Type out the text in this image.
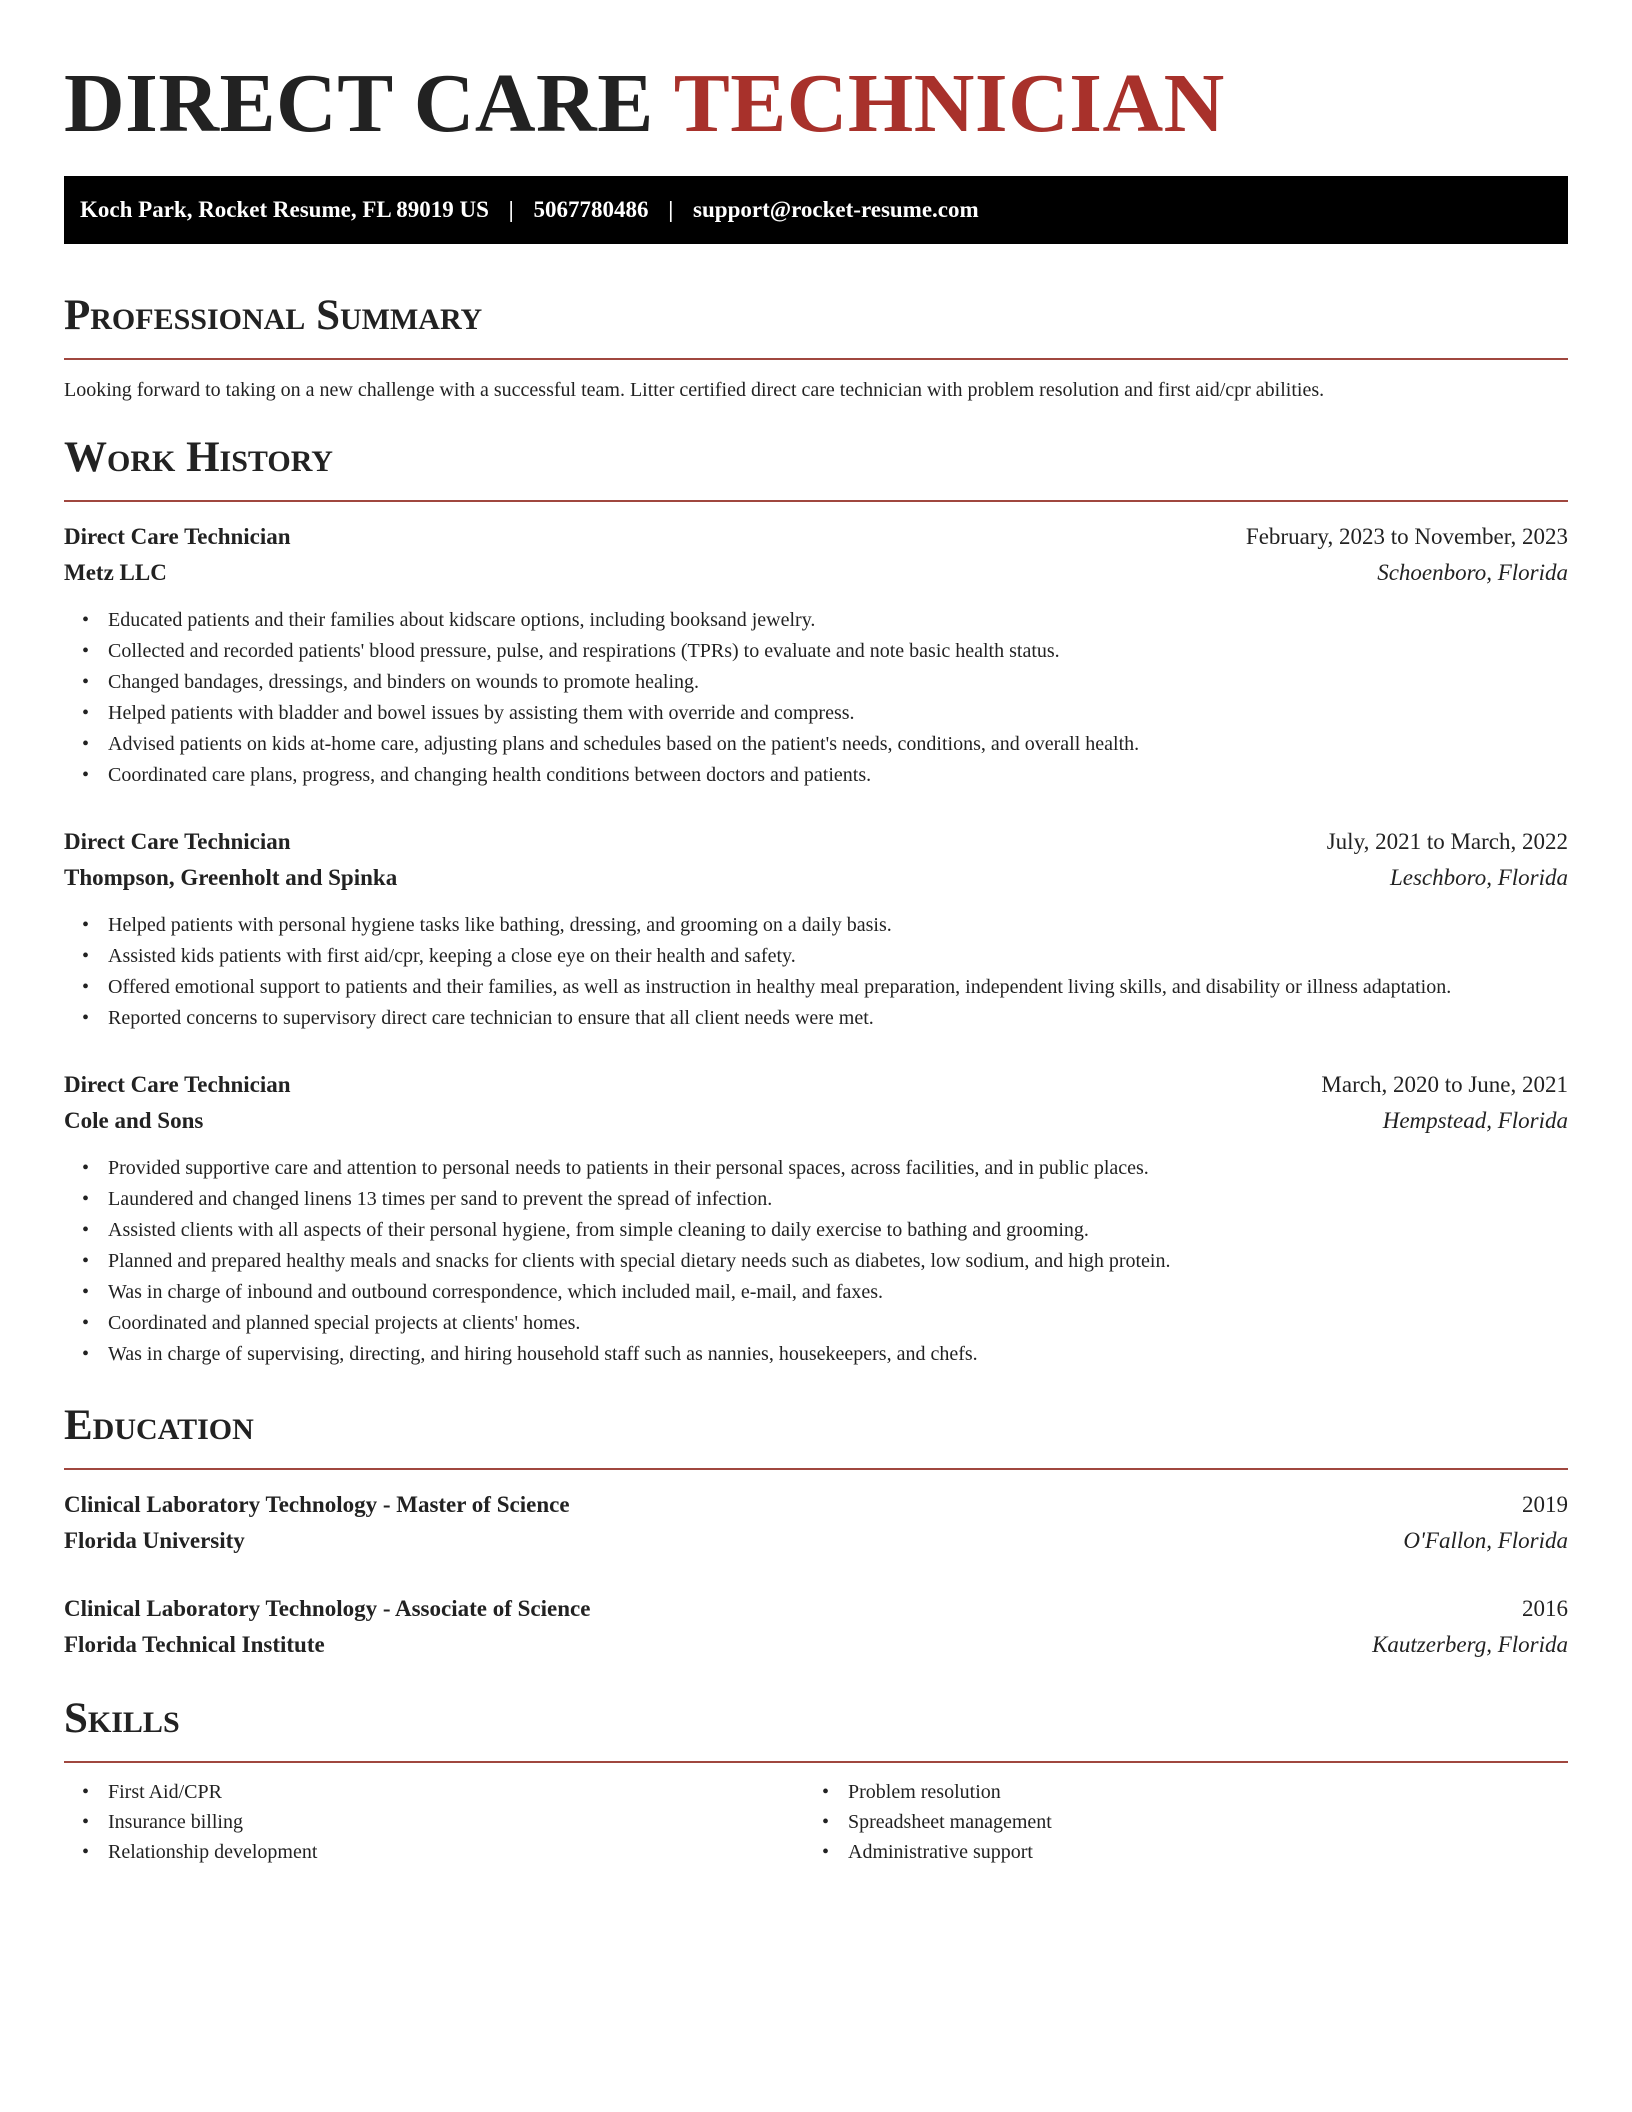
DIRECT CARE TECHNICIAN
Koch Park, Rocket Resume, FL 89019 US | 5067780486 | support@rocket-resume.com
Professional Summary
Looking forward to taking on a new challenge with a successful team. Litter certified direct care technician with problem resolution and first aid/cpr abilities.
Work History
Direct Care Technician	February, 2023 to November, 2023
Metz LLC	Schoenboro, Florida
• Educated patients and their families about kidscare options, including booksand jewelry.
• Collected and recorded patients' blood pressure, pulse, and respirations (TPRs) to evaluate and note basic health status.
• Changed bandages, dressings, and binders on wounds to promote healing.
• Helped patients with bladder and bowel issues by assisting them with override and compress.
• Advised patients on kids at-home care, adjusting plans and schedules based on the patient's needs, conditions, and overall health.
• Coordinated care plans, progress, and changing health conditions between doctors and patients.
Direct Care Technician	July, 2021 to March, 2022
Thompson, Greenholt and Spinka	Leschboro, Florida
• Helped patients with personal hygiene tasks like bathing, dressing, and grooming on a daily basis.
• Assisted kids patients with first aid/cpr, keeping a close eye on their health and safety.
• Offered emotional support to patients and their families, as well as instruction in healthy meal preparation, independent living skills, and disability or illness adaptation.
• Reported concerns to supervisory direct care technician to ensure that all client needs were met.
Direct Care Technician	March, 2020 to June, 2021
Cole and Sons	Hempstead, Florida
• Provided supportive care and attention to personal needs to patients in their personal spaces, across facilities, and in public places.
• Laundered and changed linens 13 times per sand to prevent the spread of infection.
• Assisted clients with all aspects of their personal hygiene, from simple cleaning to daily exercise to bathing and grooming.
• Planned and prepared healthy meals and snacks for clients with special dietary needs such as diabetes, low sodium, and high protein.
• Was in charge of inbound and outbound correspondence, which included mail, e-mail, and faxes.
• Coordinated and planned special projects at clients' homes.
• Was in charge of supervising, directing, and hiring household staff such as nannies, housekeepers, and chefs.
Education
Clinical Laboratory Technology - Master of Science	2019
Florida University	O'Fallon, Florida
Clinical Laboratory Technology - Associate of Science	2016
Florida Technical Institute	Kautzerberg, Florida
Skills
• First Aid/CPR
• Insurance billing
• Relationship development
• Problem resolution
• Spreadsheet management
• Administrative support
